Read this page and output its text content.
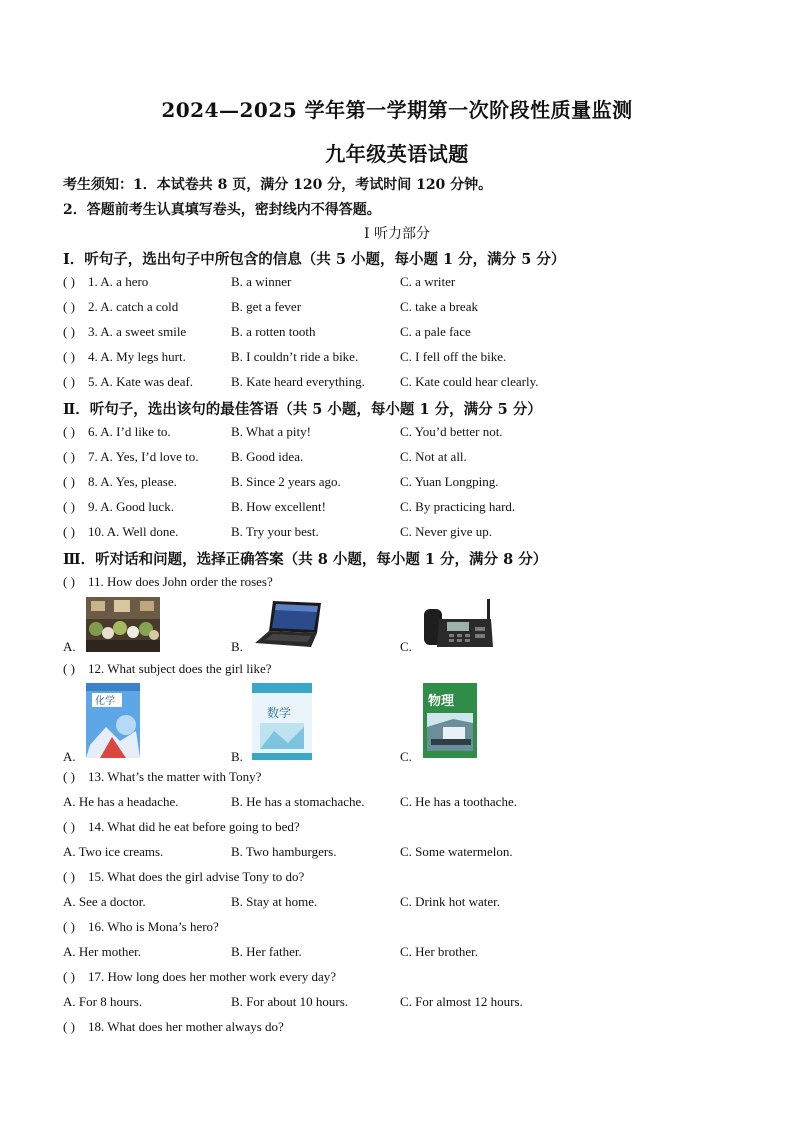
2024—2025 学年第一学期第一次阶段性质量监测
九年级英语试题
考生须知：1．本试卷共 8 页，满分 120 分，考试时间 120 分钟。
2．答题前考生认真填写卷头，密封线内不得答题。
Ⅰ 听力部分
Ⅰ．听句子，选出句子中所包含的信息（共 5 小题，每小题 1 分，满分 5 分）
( ) 1. A. a hero	B. a winner	C. a writer
( ) 2. A. catch a cold	B. get a fever	C. take a break
( ) 3. A. a sweet smile	B. a rotten tooth	C. a pale face
( ) 4. A. My legs hurt.	B. I couldn’t ride a bike.	C. I fell off the bike.
( ) 5. A. Kate was deaf.	B. Kate heard everything.	C. Kate could hear clearly.
Ⅱ．听句子，选出该句的最佳答语（共 5 小题，每小题 1 分，满分 5 分）
( ) 6. A. I’d like to.	B. What a pity!	C. You’d better not.
( ) 7. A. Yes, I’d love to. B. Good idea.	C. Not at all.
( ) 8. A. Yes, please.	B. Since 2 years ago.	C. Yuan Longping.
( ) 9. A. Good luck.	B. How excellent!	C. By practicing hard.
( ) 10. A. Well done.	B. Try your best.	C. Never give up.
Ⅲ．听对话和问题，选择正确答案（共 8 小题，每小题 1 分，满分 8 分）
( ) 11. How does John order the roses?
A.	B.	C.
( ) 12. What subject does the girl like?
A.
化学
B.
数学
C.
物理
( ) 13. What’s the matter with Tony?
A. He has a headache.	B. He has a stomachache.	C. He has a toothache.
( ) 14. What did he eat before going to bed?
A. Two ice creams.	B. Two hamburgers.	C. Some watermelon.
( ) 15. What does the girl advise Tony to do?
A. See a doctor.	B. Stay at home.	C. Drink hot water.
( ) 16. Who is Mona’s hero?
A. Her mother.	B. Her father.	C. Her brother.
( ) 17. How long does her mother work every day?
A. For 8 hours.	B. For about 10 hours.	C. For almost 12 hours.
( ) 18. What does her mother always do?
